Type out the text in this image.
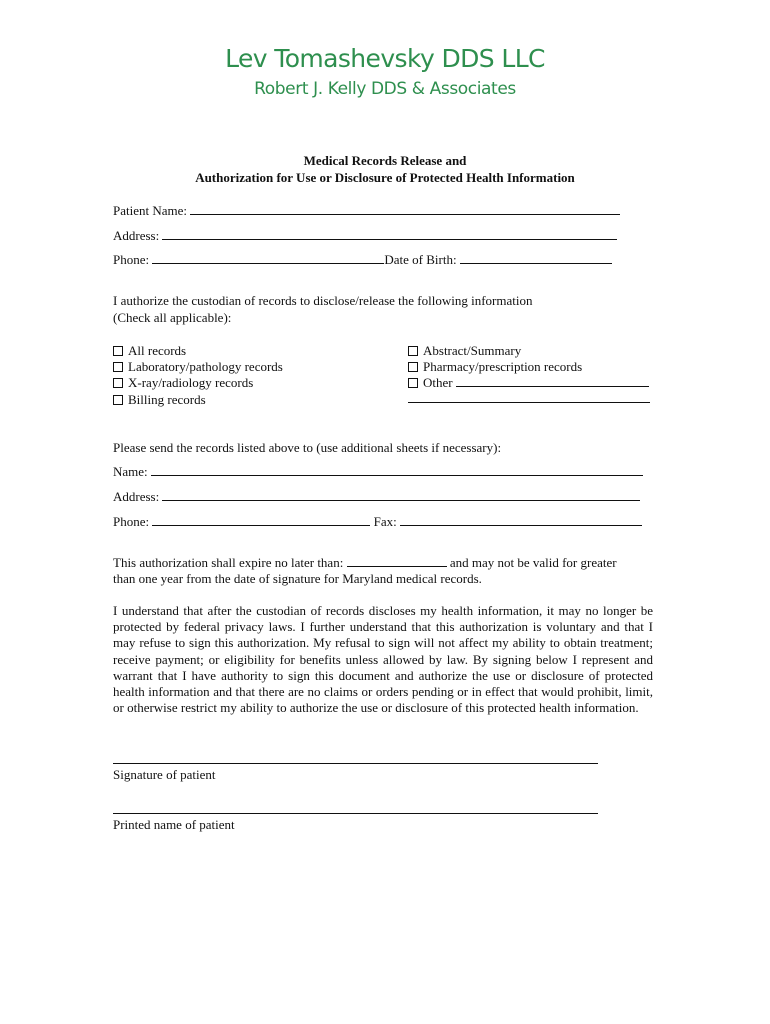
Lev Tomashevsky DDS LLC
Robert J. Kelly DDS & Associates
Medical Records Release and
Authorization for Use or Disclosure of Protected Health Information
Patient Name:
Address:
Phone:	Date of Birth:
I authorize the custodian of records to disclose/release the following information
(Check all applicable):
All records
Laboratory/pathology records
X-ray/radiology records
Billing records
Abstract/Summary
Pharmacy/prescription records
Other
Please send the records listed above to (use additional sheets if necessary):
Name:
Address:
Phone:	Fax:
This authorization shall expire no later than:	and may not be valid for greater
than one year from the date of signature for Maryland medical records.
I understand that after the custodian of records discloses my health information, it may no longer be protected by federal privacy laws. I further understand that this authorization is voluntary and that I may refuse to sign this authorization. My refusal to sign will not affect my ability to obtain treatment; receive payment; or eligibility for benefits unless allowed by law. By signing below I represent and warrant that I have authority to sign this document and authorize the use or disclosure of protected health information and that there are no claims or orders pending or in effect that would prohibit, limit, or otherwise restrict my ability to authorize the use or disclosure of this protected health information.
Signature of patient
Printed name of patient
